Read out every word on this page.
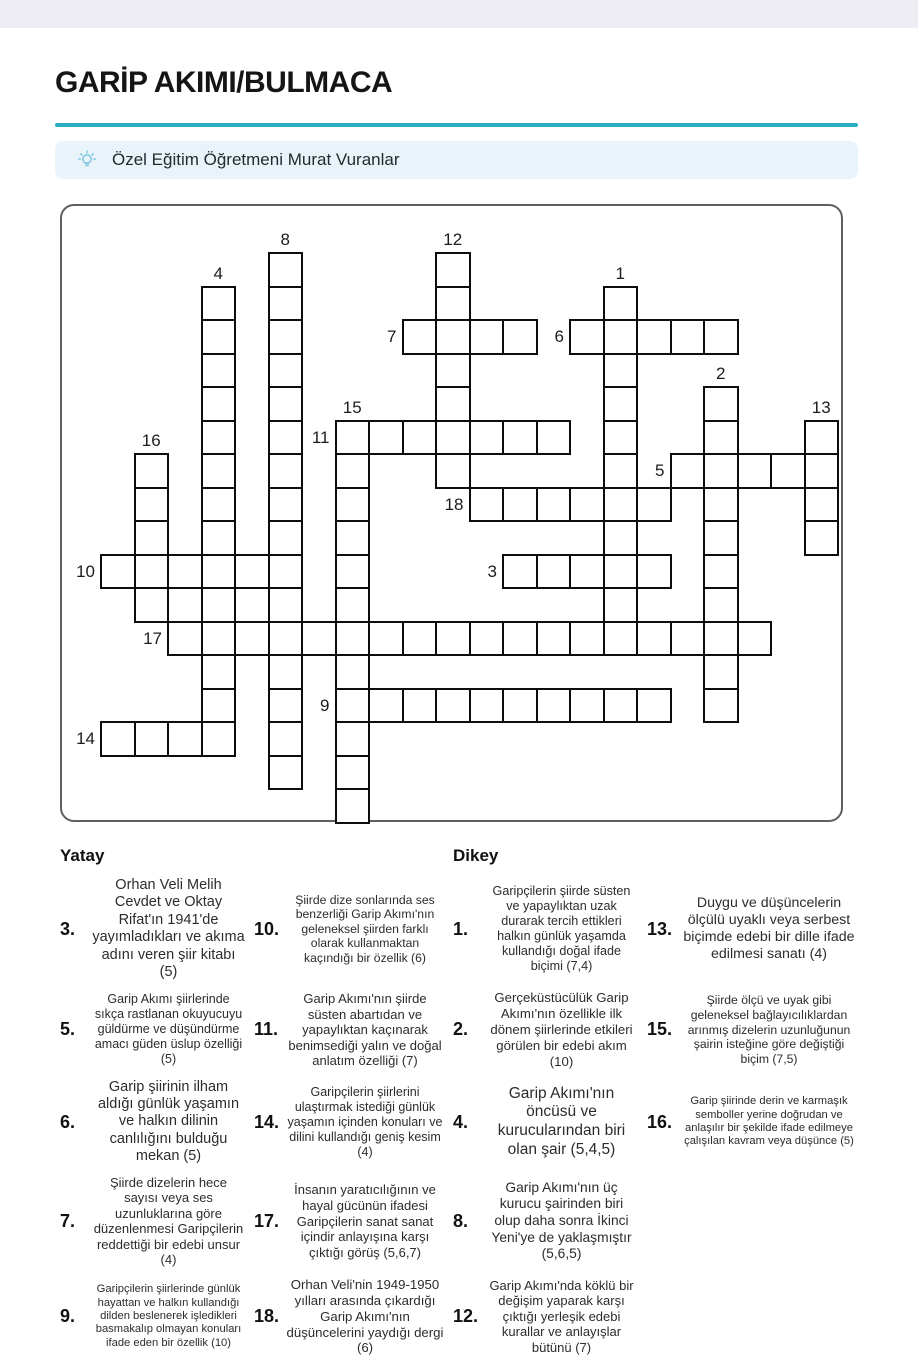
GARİP AKIMI/BULMACA
Özel Eğitim Öğretmeni Murat Vuranlar
7	6
11
5
18
10	3
17
9
14
8	12
4	1
2
13
15
16
Yatay	Dikey
3.
Orhan Veli Melih Cevdet ve Oktay Rifat'ın 1941'de yayımladıkları ve akıma adını veren şiir kitabı (5)
5.
Garip Akımı şiirlerinde sıkça rastlanan okuyucuyu güldürme ve düşündürme amacı güden üslup özelliği (5)
6.
Garip şiirinin ilham aldığı günlük yaşamın ve halkın dilinin canlılığını bulduğu mekan (5)
7.
Şiirde dizelerin hece sayısı veya ses uzunluklarına göre düzenlenmesi Garipçilerin reddettiği bir edebi unsur (4)
9.
Garipçilerin şiirlerinde günlük hayattan ve halkın kullandığı dilden beslenerek işledikleri basmakalıp olmayan konuları ifade eden bir özellik (10)
10.
Şiirde dize sonlarında ses benzerliği Garip Akımı'nın geleneksel şiirden farklı olarak kullanmaktan kaçındığı bir özellik (6)
11.
Garip Akımı'nın şiirde süsten abartıdan ve yapaylıktan kaçınarak benimsediği yalın ve doğal anlatım özelliği (7)
14.
Garipçilerin şiirlerini ulaştırmak istediği günlük yaşamın içinden konuları ve dilini kullandığı geniş kesim (4)
17.
İnsanın yaratıcılığının ve hayal gücünün ifadesi Garipçilerin sanat sanat içindir anlayışına karşı çıktığı görüş (5,6,7)
18.
Orhan Veli'nin 1949-1950 yılları arasında çıkardığı Garip Akımı'nın düşüncelerini yaydığı dergi (6)
1.
Garipçilerin şiirde süsten ve yapaylıktan uzak durarak tercih ettikleri halkın günlük yaşamda kullandığı doğal ifade biçimi (7,4)
2.
Gerçeküstücülük Garip Akımı'nın özellikle ilk dönem şiirlerinde etkileri görülen bir edebi akım (10)
4.
Garip Akımı'nın öncüsü ve kurucularından biri olan şair (5,4,5)
8.
Garip Akımı'nın üç kurucu şairinden biri olup daha sonra İkinci Yeni'ye de yaklaşmıştır (5,6,5)
12.
Garip Akımı'nda köklü bir değişim yaparak karşı çıktığı yerleşik edebi kurallar ve anlayışlar bütünü (7)
13.
Duygu ve düşüncelerin ölçülü uyaklı veya serbest biçimde edebi bir dille ifade edilmesi sanatı (4)
15.
Şiirde ölçü ve uyak gibi geleneksel bağlayıcılıklardan arınmış dizelerin uzunluğunun şairin isteğine göre değiştiği biçim (7,5)
16.
Garip şiirinde derin ve karmaşık semboller yerine doğrudan ve anlaşılır bir şekilde ifade edilmeye çalışılan kavram veya düşünce (5)
